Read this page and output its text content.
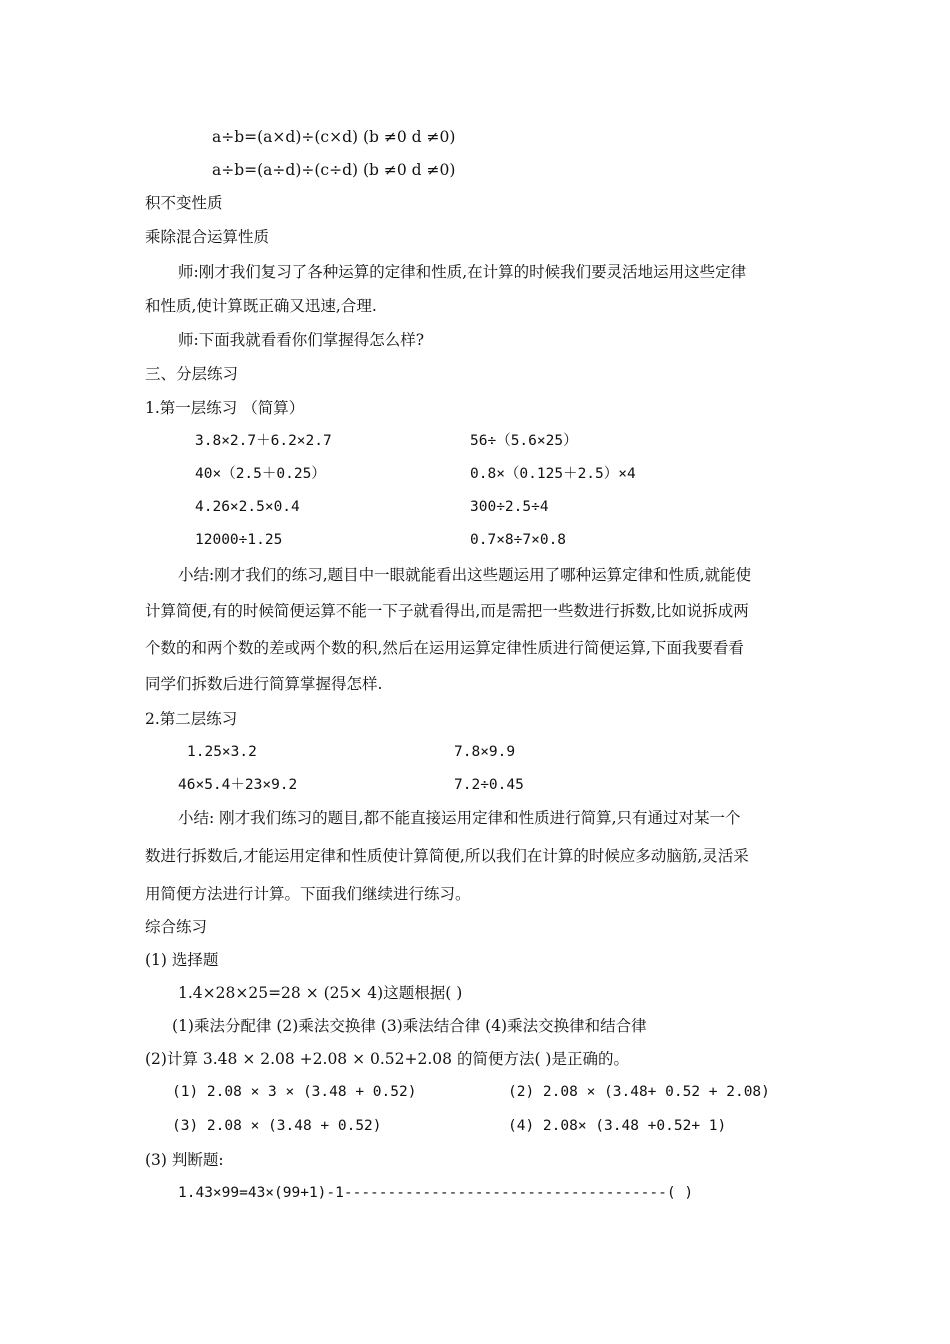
a÷b=(a×d)÷(c×d) (b ≠0 d ≠0)
a÷b=(a÷d)÷(c÷d) (b ≠0 d ≠0)
积不变性质
乘除混合运算性质
师:刚才我们复习了各种运算的定律和性质,在计算的时候我们要灵活地运用这些定律
和性质,使计算既正确又迅速,合理.
师:下面我就看看你们掌握得怎么样?
三、分层练习
1.第一层练习 （简算）
3.8×2.7＋6.2×2.7	56÷（5.6×25）
40×（2.5＋0.25）	0.8×（0.125＋2.5）×4
4.26×2.5×0.4	300÷2.5÷4
12000÷1.25	0.7×8÷7×0.8
小结:刚才我们的练习,题目中一眼就能看出这些题运用了哪种运算定律和性质,就能使
计算简便,有的时候简便运算不能一下子就看得出,而是需把一些数进行拆数,比如说拆成两
个数的和两个数的差或两个数的积,然后在运用运算定律性质进行简便运算,下面我要看看
同学们拆数后进行简算掌握得怎样.
2.第二层练习
1.25×3.2	7.8×9.9
46×5.4＋23×9.2	7.2÷0.45
小结: 刚才我们练习的题目,都不能直接运用定律和性质进行简算,只有通过对某一个
数进行拆数后,才能运用定律和性质使计算简便,所以我们在计算的时候应多动脑筋,灵活采
用简便方法进行计算。下面我们继续进行练习。
综合练习
(1) 选择题
1.4×28×25=28 × (25× 4)这题根据( )
(1)乘法分配律 (2)乘法交换律 (3)乘法结合律 (4)乘法交换律和结合律
(2)计算 3.48 × 2.08 +2.08 × 0.52+2.08 的简便方法( )是正确的。
(1) 2.08 × 3 × (3.48 + 0.52)	(2) 2.08 × (3.48+ 0.52 + 2.08)
(3) 2.08 × (3.48 + 0.52)	(4) 2.08× (3.48 +0.52+ 1)
(3) 判断题:
1.43×99=43×(99+1)-1-------------------------------------( )
